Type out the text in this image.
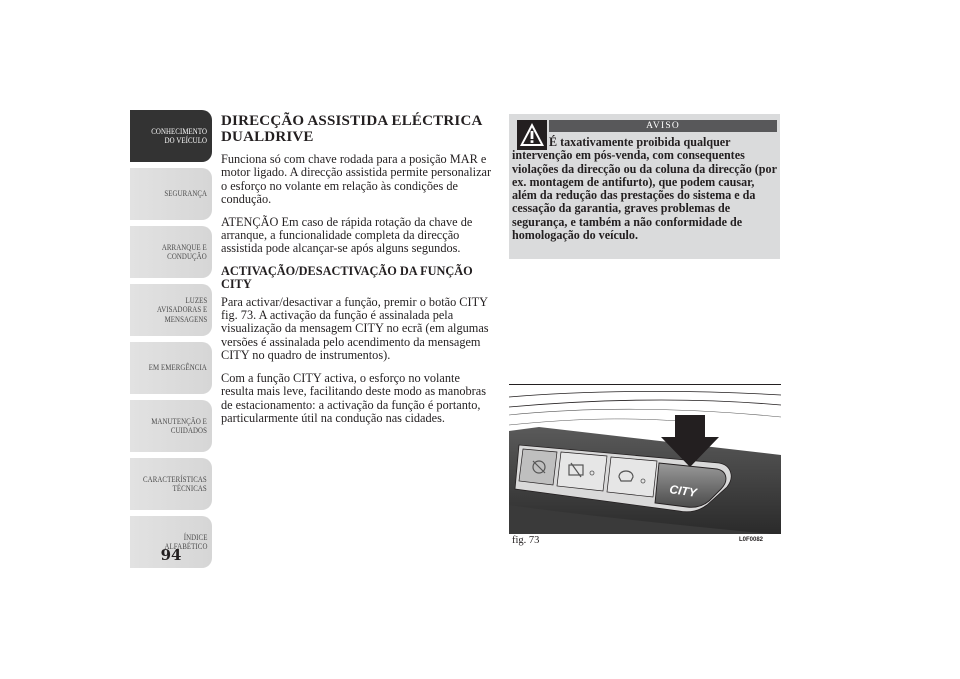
CONHECIMENTO
DO VEÍCULO
SEGURANÇA
ARRANQUE E
CONDUÇÃO
LUZES
AVISADORAS E
MENSAGENS
EM EMERGÊNCIA
MANUTENÇÃO E
CUIDADOS
CARACTERÍSTICAS
TÉCNICAS
ÍNDICE
ALFABÉTICO
94
DIRECÇÃO ASSISTIDA ELÉCTRICA DUALDRIVE

Funciona só com chave rodada para a posição MAR e motor ligado. A direcção assistida permite personalizar o esforço no volante em relação às condições de condução.

ATENÇÃO Em caso de rápida rotação da chave de arranque, a funcionalidade completa da direcção assistida pode alcançar-se após alguns segundos.

ACTIVAÇÃO/DESACTIVAÇÃO DA FUNÇÃO CITY

Para activar/desactivar a função, premir o botão CITY fig. 73. A activação da função é assinalada pela visualização da mensagem CITY no ecrã (em algumas versões é assinalada pelo acendimento da mensagem CITY no quadro de instrumentos).

Com a função CITY activa, o esforço no volante resulta mais leve, facilitando deste modo as manobras de estacionamento: a activação da função é portanto, particularmente útil na condução nas cidades.

AVISO
É taxativamente proibida qualquer intervenção em pós-venda, com consequentes violações da direcção ou da coluna da direcção (por ex. montagem de antifurto), que podem causar, além da redução das prestações do sistema e da cessação da garantia, graves problemas de segurança, e também a não conformidade de homologação do veículo.
CITY
fig. 73	L0F0082
